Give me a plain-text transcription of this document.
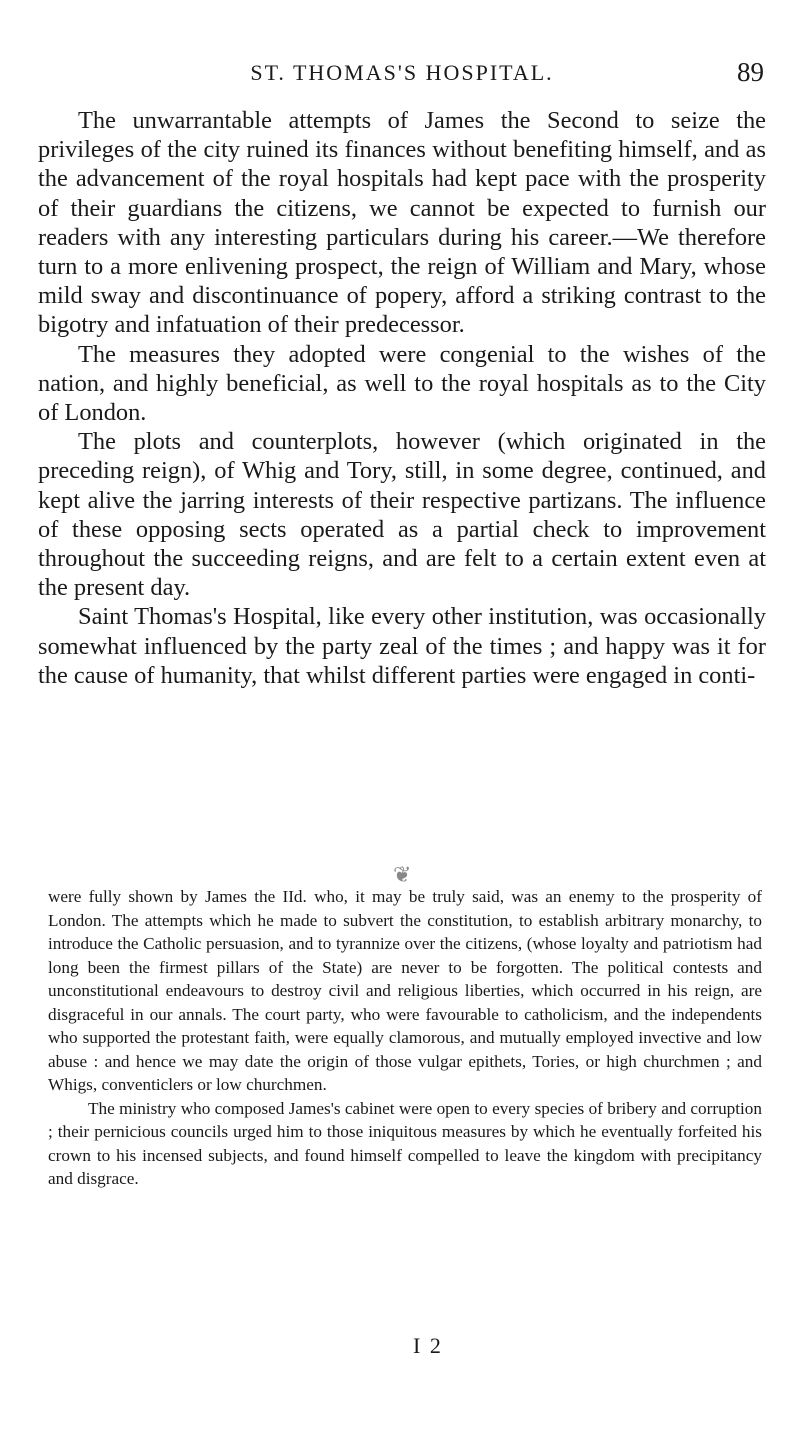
ST. THOMAS'S HOSPITAL.	89

The unwarrantable attempts of James the Second to seize the privileges of the city ruined its finances without benefiting himself, and as the advancement of the royal hospitals had kept pace with the prosperity of their guardians the citizens, we cannot be expected to furnish our readers with any interesting particulars during his career.—We therefore turn to a more enlivening prospect, the reign of William and Mary, whose mild sway and discontinuance of popery, afford a striking contrast to the bigotry and infatuation of their predecessor.

The measures they adopted were congenial to the wishes of the nation, and highly beneficial, as well to the royal hospitals as to the City of London.

The plots and counterplots, however (which originated in the preceding reign), of Whig and Tory, still, in some degree, continued, and kept alive the jarring interests of their respective partizans. The influence of these opposing sects operated as a partial check to improvement throughout the succeeding reigns, and are felt to a certain extent even at the present day.

Saint Thomas's Hospital, like every other institution, was occasionally somewhat influenced by the party zeal of the times ; and happy was it for the cause of humanity, that whilst different parties were engaged in conti-

❦

were fully shown by James the IId. who, it may be truly said, was an enemy to the prosperity of London. The attempts which he made to subvert the constitution, to establish arbitrary monarchy, to introduce the Catholic persuasion, and to tyrannize over the citizens, (whose loyalty and patriotism had long been the firmest pillars of the State) are never to be forgotten. The political contests and unconstitutional endeavours to destroy civil and religious liberties, which occurred in his reign, are disgraceful in our annals. The court party, who were favourable to catholicism, and the independents who supported the protestant faith, were equally clamorous, and mutually employed invective and low abuse : and hence we may date the origin of those vulgar epithets, Tories, or high churchmen ; and Whigs, conventiclers or low churchmen.

The ministry who composed James's cabinet were open to every species of bribery and corruption ; their pernicious councils urged him to those iniquitous measures by which he eventually forfeited his crown to his incensed subjects, and found himself compelled to leave the kingdom with precipitancy and disgrace.

I 2
